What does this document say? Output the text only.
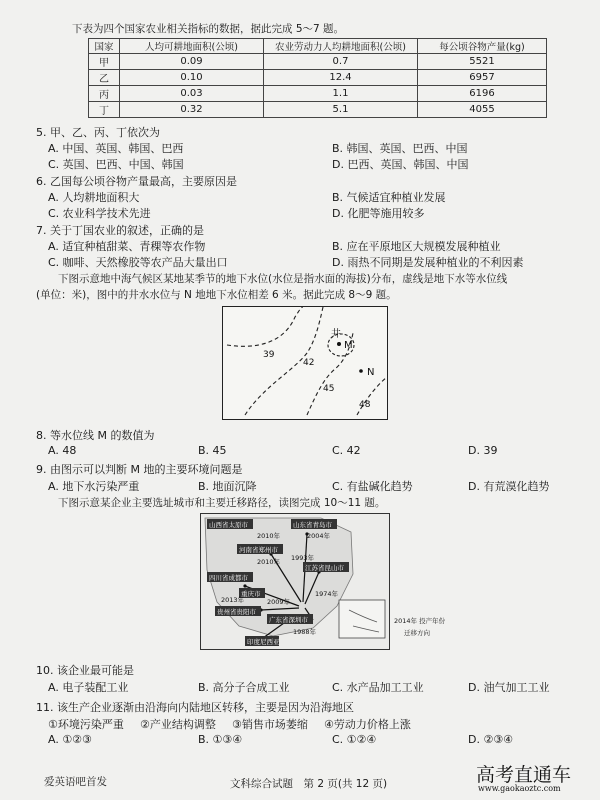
下表为四个国家农业相关指标的数据，据此完成 5～7 题。
国家	人均可耕地面积(公顷)	农业劳动力人均耕地面积(公顷)	每公顷谷物产量(kg)
甲	0.09	0.7	5521
乙	0.10	12.4	6957
丙	0.03	1.1	6196
丁	0.32	5.1	4055
5. 甲、乙、丙、丁依次为
A. 中国、英国、韩国、巴西	B. 韩国、英国、巴西、中国
C. 英国、巴西、中国、韩国	D. 巴西、英国、韩国、中国
6. 乙国每公顷谷物产量最高，主要原因是
A. 人均耕地面积大	B. 气候适宜种植业发展
C. 农业科学技术先进	D. 化肥等施用较多
7. 关于丁国农业的叙述，正确的是
A. 适宜种植甜菜、青稞等农作物	B. 应在平原地区大规模发展种植业
C. 咖啡、天然橡胶等农产品大量出口	D. 雨热不同期是发展种植业的不利因素
下图示意地中海气候区某地某季节的地下水位(水位是指水面的海拔)分布，虚线是地下水等水位线
(单位：米)，图中的井水水位与 N 地地下水位相差 6 米。据此完成 8～9 题。
井
M
N
39
42
45
48
8. 等水位线 M 的数值为
A. 48	B. 45	C. 42	D. 39
9. 由图示可以判断 M 地的主要环境问题是
A. 地下水污染严重	B. 地面沉降	C. 有盐碱化趋势	D. 有荒漠化趋势
下图示意某企业主要选址城市和主要迁移路径，读图完成 10～11 题。
山西省太原市	山东省青岛市
河南省郑州市
四川省成都市
重庆市
江苏省昆山市
贵州省贵阳市
广东省深圳市
印度尼西亚
2010年	2004年
1993年
2010年
2009年
2013年
1974年
1988年
2014年 投产年份
迁移方向
10. 该企业最可能是
A. 电子装配工业	B. 高分子合成工业	C. 水产品加工工业	D. 油气加工工业
11. 该生产企业逐渐由沿海向内陆地区转移，主要是因为沿海地区
①环境污染严重 ②产业结构调整 ③销售市场萎缩 ④劳动力价格上涨
A. ①②③	B. ①③④	C. ①②④	D. ②③④
爱英语吧首发	文科综合试题　第 2 页(共 12 页)	高考直通车
www.gaokaoztc.com
